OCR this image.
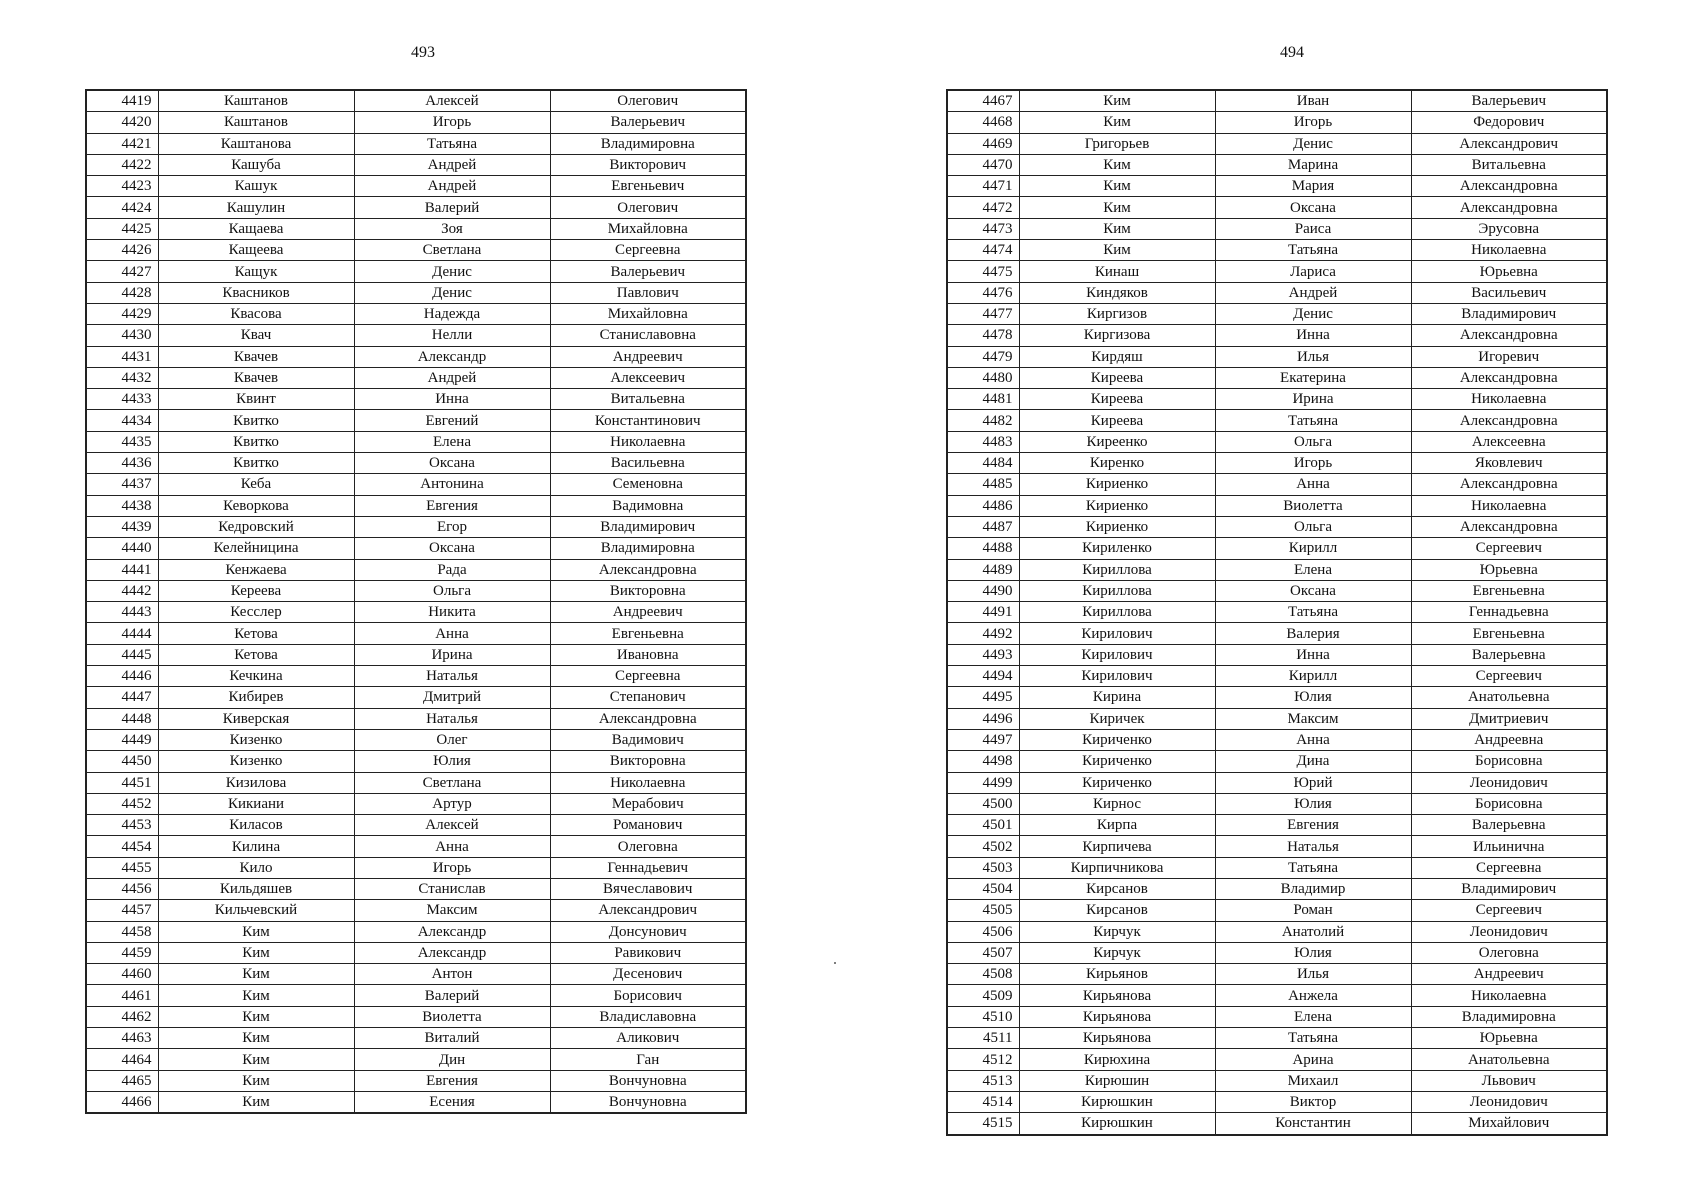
493
4419	Каштанов	Алексей	Олегович
4420	Каштанов	Игорь	Валерьевич
4421	Каштанова	Татьяна	Владимировна
4422	Кашуба	Андрей	Викторович
4423	Кашук	Андрей	Евгеньевич
4424	Кашулин	Валерий	Олегович
4425	Кащаева	Зоя	Михайловна
4426	Кащеева	Светлана	Сергеевна
4427	Кащук	Денис	Валерьевич
4428	Квасников	Денис	Павлович
4429	Квасова	Надежда	Михайловна
4430	Квач	Нелли	Станиславовна
4431	Квачев	Александр	Андреевич
4432	Квачев	Андрей	Алексеевич
4433	Квинт	Инна	Витальевна
4434	Квитко	Евгений	Константинович
4435	Квитко	Елена	Николаевна
4436	Квитко	Оксана	Васильевна
4437	Кеба	Антонина	Семеновна
4438	Кеворкова	Евгения	Вадимовна
4439	Кедровский	Егор	Владимирович
4440	Келейницина	Оксана	Владимировна
4441	Кенжаева	Рада	Александровна
4442	Кереева	Ольга	Викторовна
4443	Кесслер	Никита	Андреевич
4444	Кетова	Анна	Евгеньевна
4445	Кетова	Ирина	Ивановна
4446	Кечкина	Наталья	Сергеевна
4447	Кибирев	Дмитрий	Степанович
4448	Киверская	Наталья	Александровна
4449	Кизенко	Олег	Вадимович
4450	Кизенко	Юлия	Викторовна
4451	Кизилова	Светлана	Николаевна
4452	Кикиани	Артур	Мерабович
4453	Киласов	Алексей	Романович
4454	Килина	Анна	Олеговна
4455	Кило	Игорь	Геннадьевич
4456	Кильдяшев	Станислав	Вячеславович
4457	Кильчевский	Максим	Александрович
4458	Ким	Александр	Донсунович
4459	Ким	Александр	Равикович
4460	Ким	Антон	Десенович
4461	Ким	Валерий	Борисович
4462	Ким	Виолетта	Владиславовна
4463	Ким	Виталий	Аликович
4464	Ким	Дин	Ган
4465	Ким	Евгения	Вончуновна
4466	Ким	Есения	Вончуновна
494
4467	Ким	Иван	Валерьевич
4468	Ким	Игорь	Федорович
4469	Григорьев	Денис	Александрович
4470	Ким	Марина	Витальевна
4471	Ким	Мария	Александровна
4472	Ким	Оксана	Александровна
4473	Ким	Раиса	Эрусовна
4474	Ким	Татьяна	Николаевна
4475	Кинаш	Лариса	Юрьевна
4476	Киндяков	Андрей	Васильевич
4477	Киргизов	Денис	Владимирович
4478	Киргизова	Инна	Александровна
4479	Кирдяш	Илья	Игоревич
4480	Киреева	Екатерина	Александровна
4481	Киреева	Ирина	Николаевна
4482	Киреева	Татьяна	Александровна
4483	Киреенко	Ольга	Алексеевна
4484	Киренко	Игорь	Яковлевич
4485	Кириенко	Анна	Александровна
4486	Кириенко	Виолетта	Николаевна
4487	Кириенко	Ольга	Александровна
4488	Кириленко	Кирилл	Сергеевич
4489	Кириллова	Елена	Юрьевна
4490	Кириллова	Оксана	Евгеньевна
4491	Кириллова	Татьяна	Геннадьевна
4492	Кирилович	Валерия	Евгеньевна
4493	Кирилович	Инна	Валерьевна
4494	Кирилович	Кирилл	Сергеевич
4495	Кирина	Юлия	Анатольевна
4496	Киричек	Максим	Дмитриевич
4497	Кириченко	Анна	Андреевна
4498	Кириченко	Дина	Борисовна
4499	Кириченко	Юрий	Леонидович
4500	Кирнос	Юлия	Борисовна
4501	Кирпа	Евгения	Валерьевна
4502	Кирпичева	Наталья	Ильинична
4503	Кирпичникова	Татьяна	Сергеевна
4504	Кирсанов	Владимир	Владимирович
4505	Кирсанов	Роман	Сергеевич
4506	Кирчук	Анатолий	Леонидович
4507	Кирчук	Юлия	Олеговна
4508	Кирьянов	Илья	Андреевич
4509	Кирьянова	Анжела	Николаевна
4510	Кирьянова	Елена	Владимировна
4511	Кирьянова	Татьяна	Юрьевна
4512	Кирюхина	Арина	Анатольевна
4513	Кирюшин	Михаил	Львович
4514	Кирюшкин	Виктор	Леонидович
4515	Кирюшкин	Константин	Михайлович
